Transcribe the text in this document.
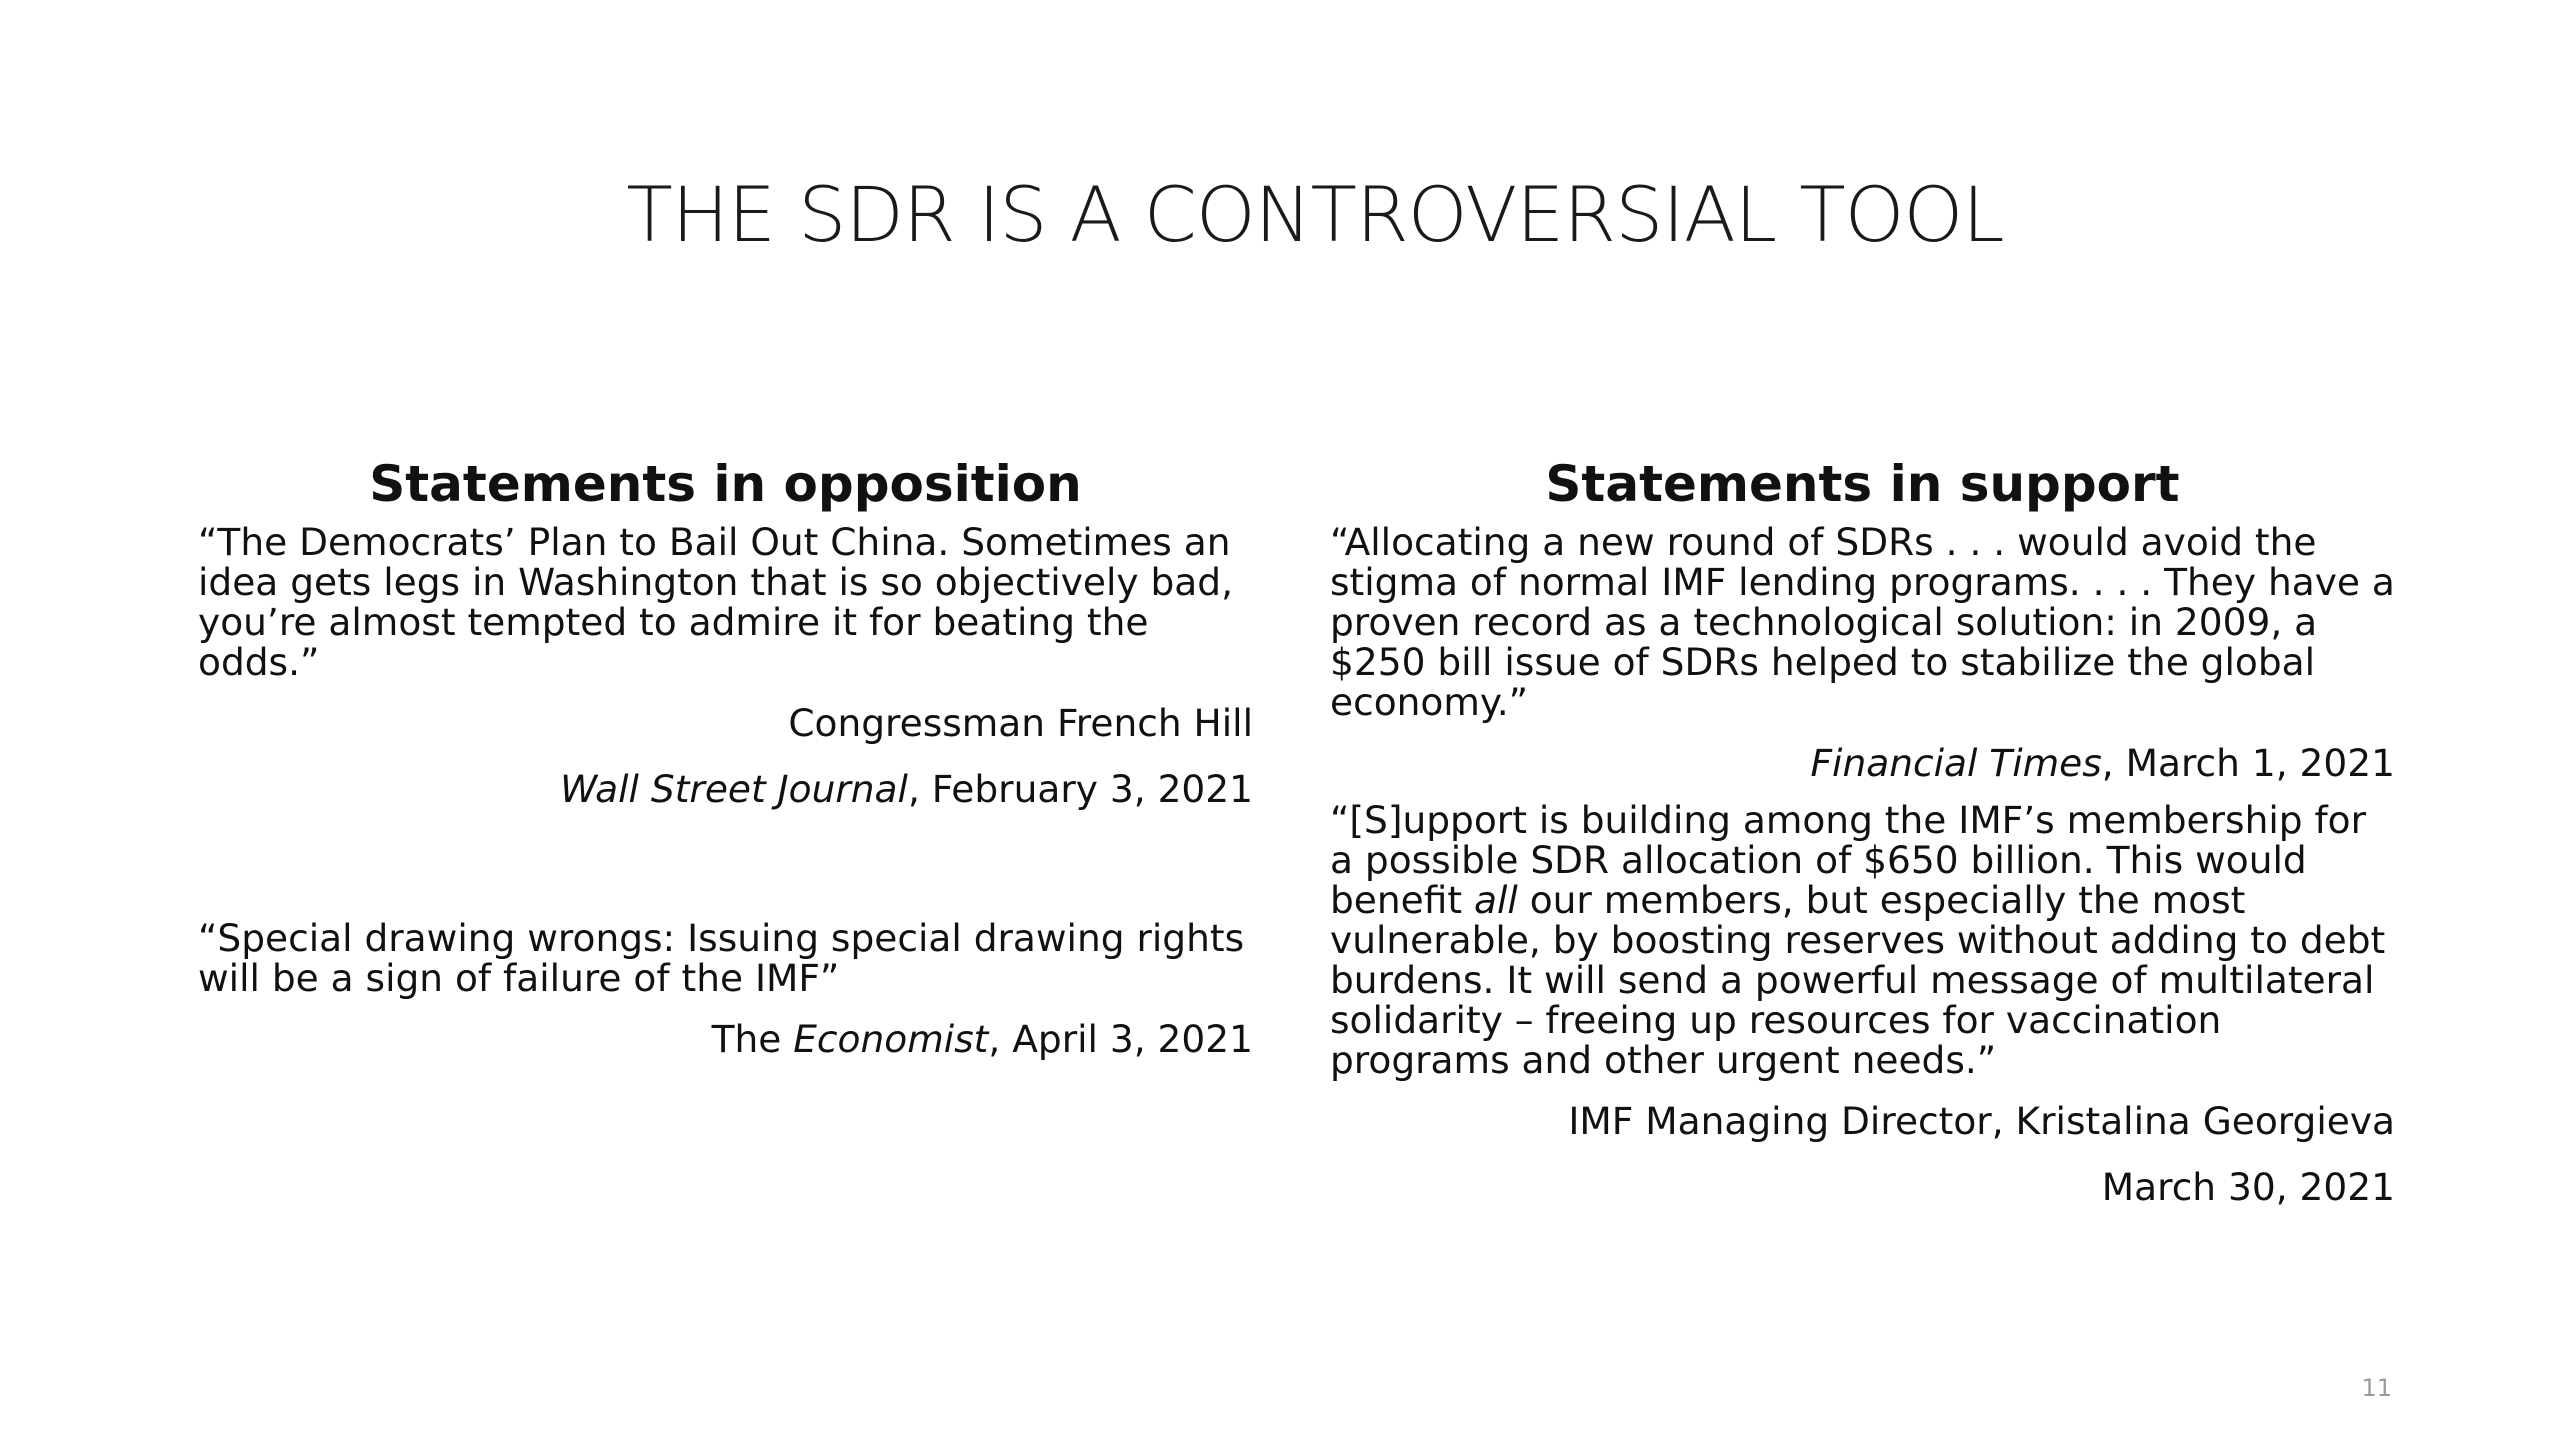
THE SDR IS A CONTROVERSIAL TOOL
Statements in opposition

“The Democrats’ Plan to Bail Out China. Sometimes an idea gets legs in Washington that is so objectively bad, you’re almost tempted to admire it for beating the odds.”

Congressman French Hill
Wall Street Journal, February 3, 2021

“Special drawing wrongs: Issuing special drawing rights will be a sign of failure of the IMF”

The Economist, April 3, 2021
Statements in support

“Allocating a new round of SDRs . . . would avoid the stigma of normal IMF lending programs. . . . They have a proven record as a technological solution: in 2009, a $250 bill issue of SDRs helped to stabilize the global economy.”

Financial Times, March 1, 2021

“[S]upport is building among the IMF’s membership for a possible SDR allocation of $650 billion. This would benefit all our members, but especially the most vulnerable, by boosting reserves without adding to debt burdens. It will send a powerful message of multilateral solidarity – freeing up resources for vaccination programs and other urgent needs.”

IMF Managing Director, Kristalina Georgieva
March 30, 2021
11
